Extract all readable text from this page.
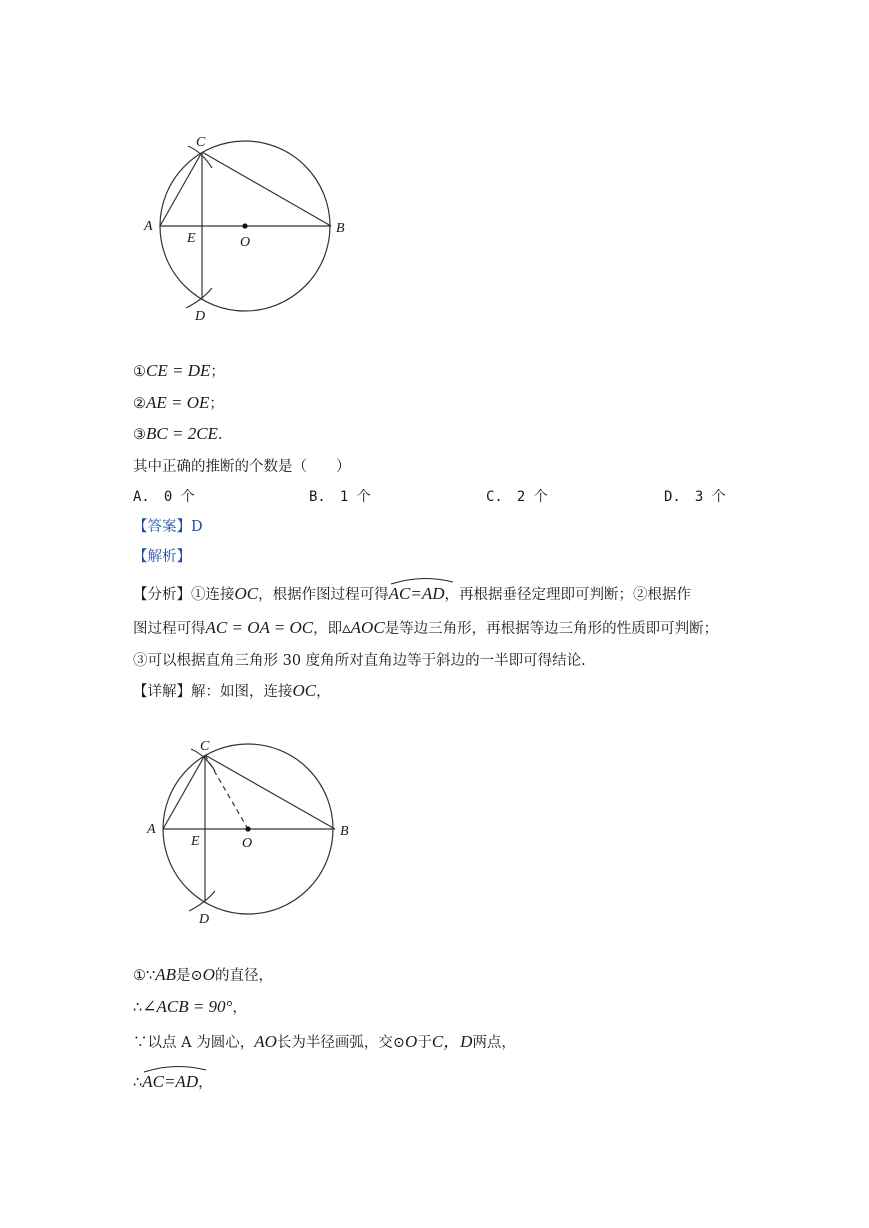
C
A
E	O
B
D
①CE = DE；
②AE = OE；
③BC = 2CE.
其中正确的推断的个数是（　　）
A.　0 个	B.　1 个	C.　2 个	D.　3 个
【答案】D
【解析】
【分析】①连接OC，根据作图过程可得
AC=AD，再根据垂径定理即可判断；②根据作
图过程可得AC = OA = OC，即▵AOC是等边三角形，再根据等边三角形的性质即可判断；
③可以根据直角三角形 30 度角所对直角边等于斜边的一半即可得结论.
【详解】解：如图，连接OC，
C
A
E	O
B
D
①∵AB是⊙O的直径，
∴∠ACB = 90°，
∵以点 A 为圆心，AO长为半径画弧，交⊙O于C，D两点，
∴
AC=AD，
